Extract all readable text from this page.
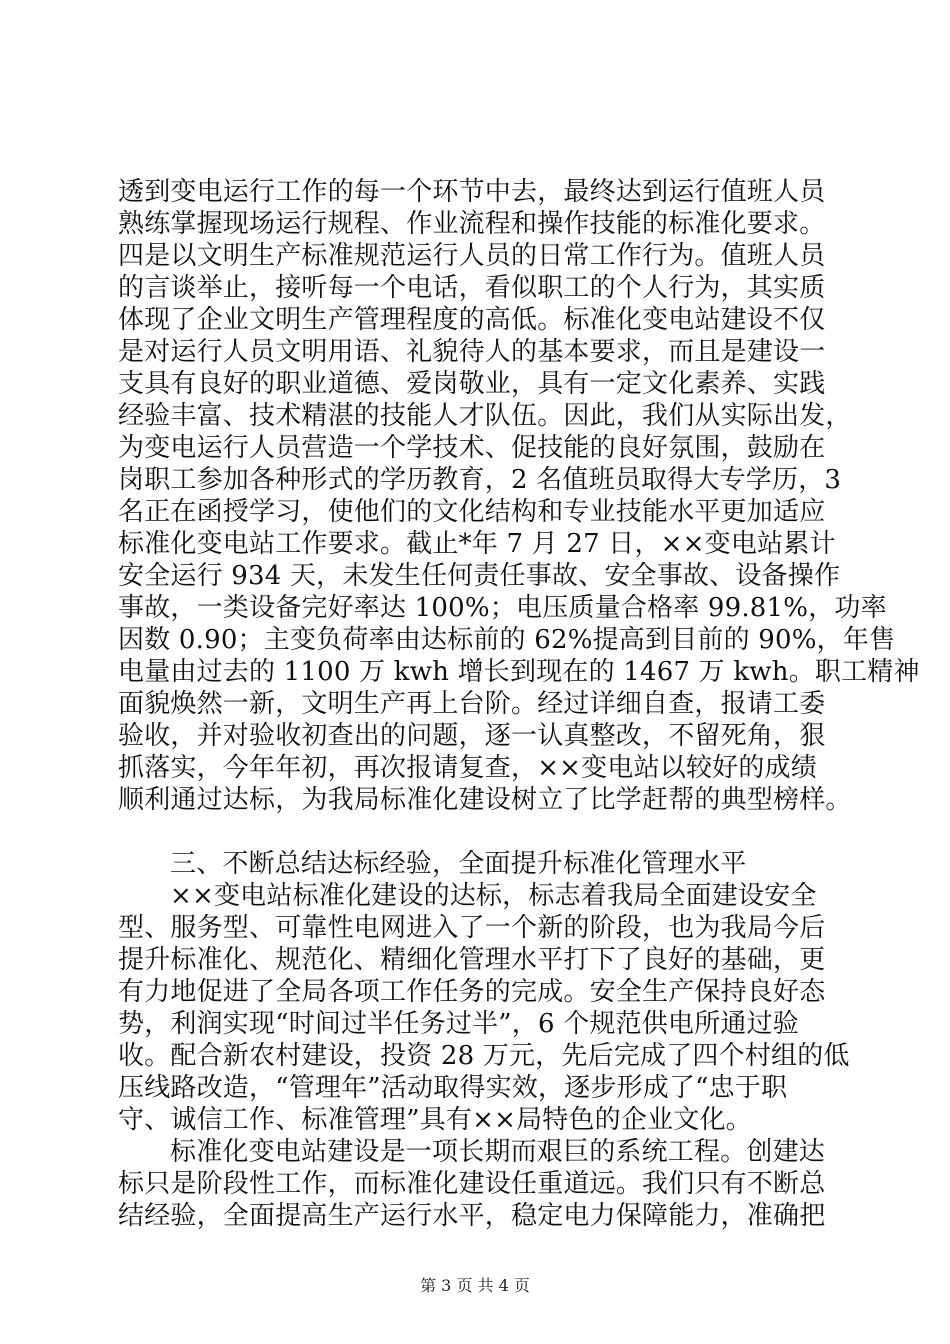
透到变电运行工作的每一个环节中去，最终达到运行值班人员
熟练掌握现场运行规程、作业流程和操作技能的标准化要求。
四是以文明生产标准规范运行人员的日常工作行为。值班人员
的言谈举止，接听每一个电话，看似职工的个人行为，其实质
体现了企业文明生产管理程度的高低。标准化变电站建设不仅
是对运行人员文明用语、礼貌待人的基本要求，而且是建设一
支具有良好的职业道德、爱岗敬业，具有一定文化素养、实践
经验丰富、技术精湛的技能人才队伍。因此，我们从实际出发，
为变电运行人员营造一个学技术、促技能的良好氛围，鼓励在
岗职工参加各种形式的学历教育，2 名值班员取得大专学历，3
名正在函授学习，使他们的文化结构和专业技能水平更加适应
标准化变电站工作要求。截止*年 7 月 27 日，××变电站累计
安全运行 934 天，未发生任何责任事故、安全事故、设备操作
事故，一类设备完好率达 100%；电压质量合格率 99.81%，功率
因数 0.90；主变负荷率由达标前的 62%提高到目前的 90%，年售
电量由过去的 1100 万 kwh 增长到现在的 1467 万 kwh。职工精神
面貌焕然一新，文明生产再上台阶。经过详细自查，报请工委
验收，并对验收初查出的问题，逐一认真整改，不留死角，狠
抓落实，今年年初，再次报请复查，××变电站以较好的成绩
顺利通过达标，为我局标准化建设树立了比学赶帮的典型榜样。
三、不断总结达标经验，全面提升标准化管理水平
××变电站标准化建设的达标，标志着我局全面建设安全
型、服务型、可靠性电网进入了一个新的阶段，也为我局今后
提升标准化、规范化、精细化管理水平打下了良好的基础，更
有力地促进了全局各项工作任务的完成。安全生产保持良好态
势，利润实现“时间过半任务过半”，6 个规范供电所通过验
收。配合新农村建设，投资 28 万元，先后完成了四个村组的低
压线路改造，“管理年”活动取得实效，逐步形成了“忠于职
守、诚信工作、标准管理”具有××局特色的企业文化。
标准化变电站建设是一项长期而艰巨的系统工程。创建达
标只是阶段性工作，而标准化建设任重道远。我们只有不断总
结经验，全面提高生产运行水平，稳定电力保障能力，准确把
第 3 页 共 4 页
